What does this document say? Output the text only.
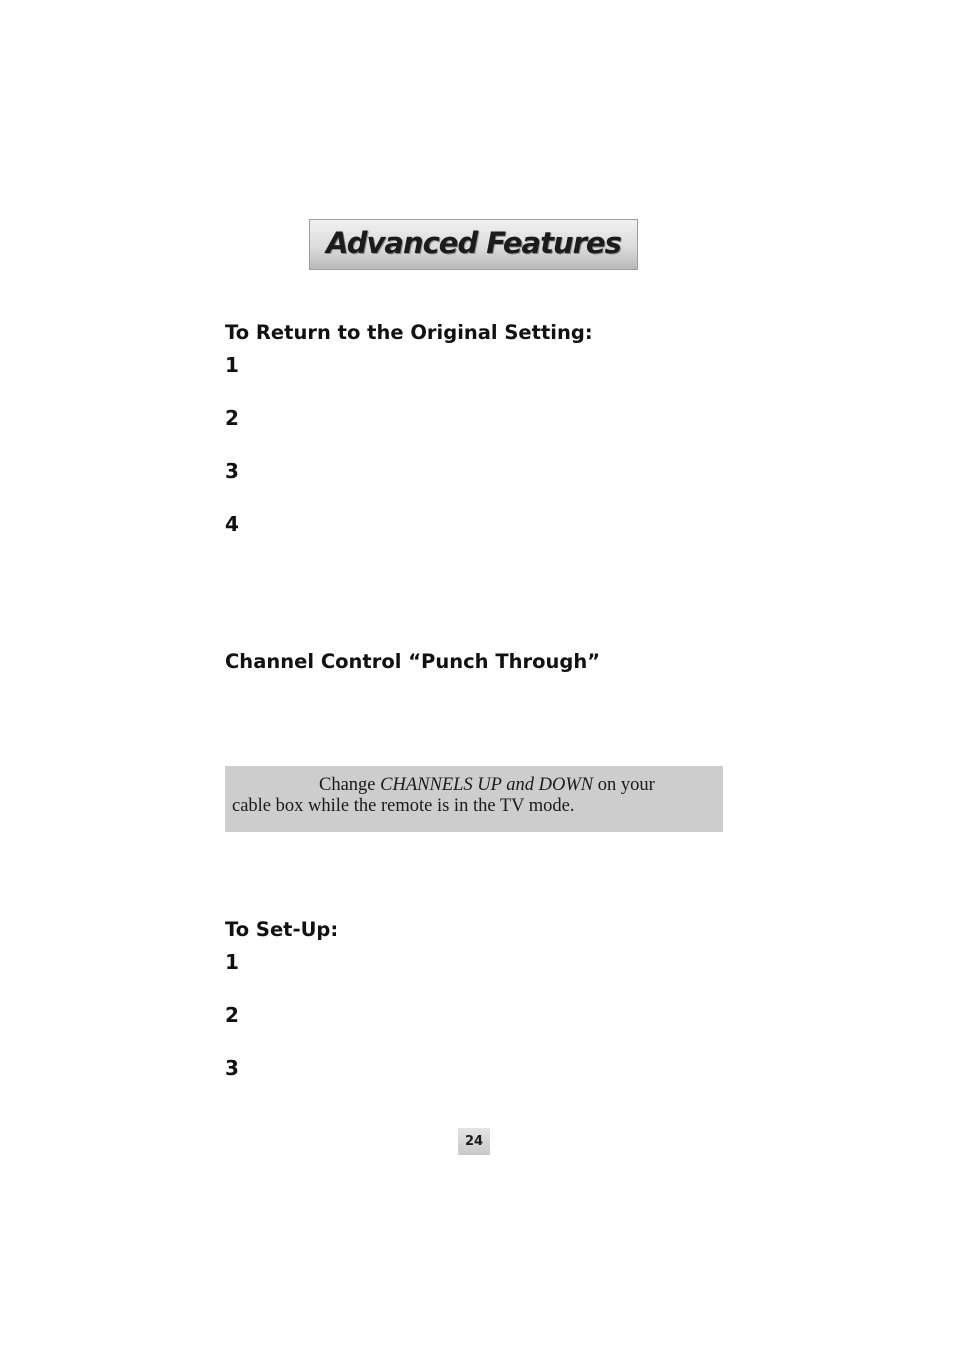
Advanced Features
To Return to the Original Setting:
1
2
3
4
Channel Control “Punch Through”
Change CHANNELS UP and DOWN on your
cable box while the remote is in the TV mode.
To Set-Up:
1
2
3
24
